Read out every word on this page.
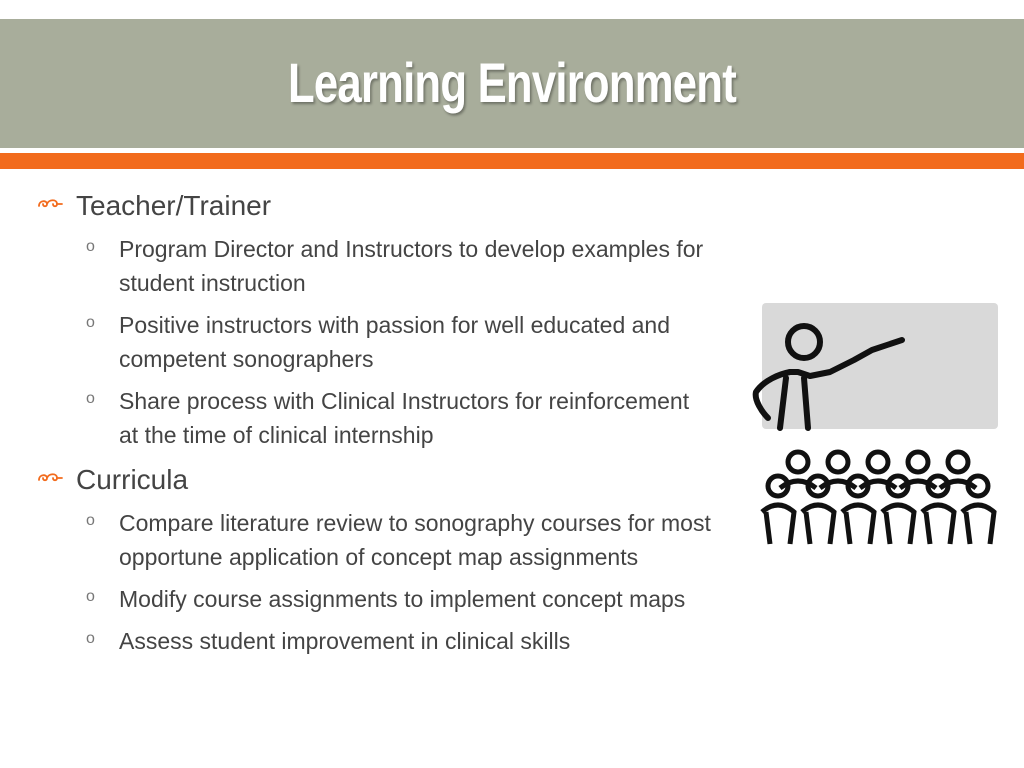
Learning Environment
Teacher/Trainer
o Program Director and Instructors to develop examples for student instruction
o Positive instructors with passion for well educated and competent sonographers
o Share process with Clinical Instructors for reinforcement at the time of clinical internship
Curricula
o Compare literature review to sonography courses for most opportune application of concept map assignments
o Modify course assignments to implement concept maps
o Assess student improvement in clinical skills
